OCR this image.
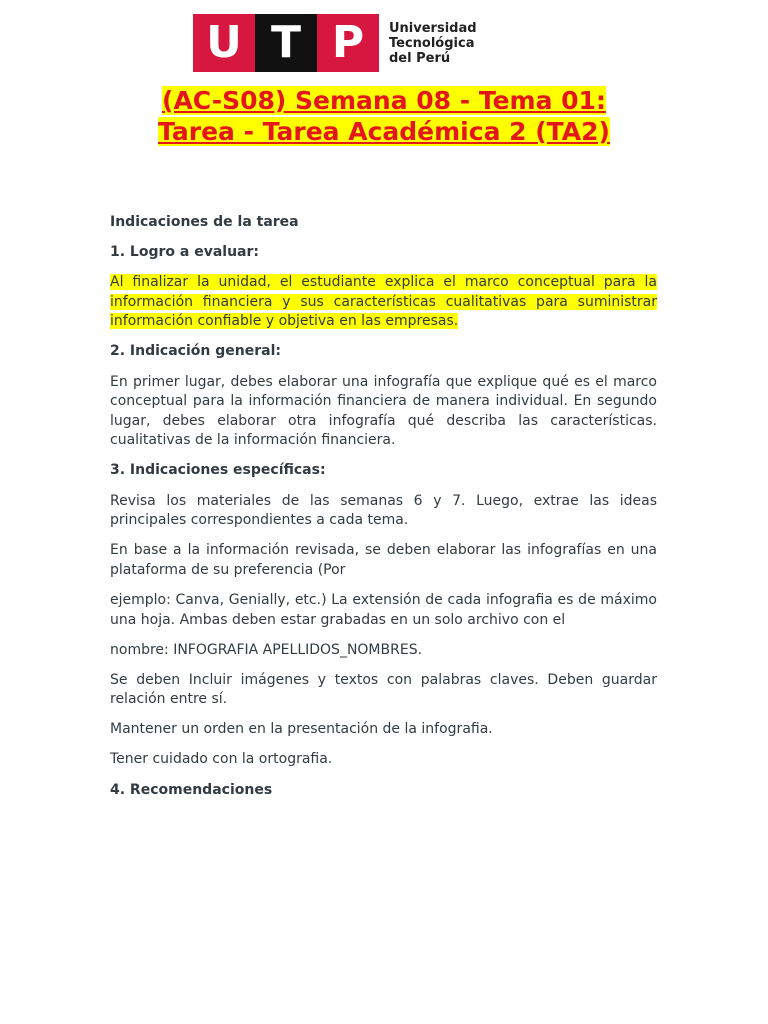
U T P	Universidad
Tecnológica
del Perú
(AC-S08) Semana 08 - Tema 01:
Tarea - Tarea Académica 2 (TA2)

Indicaciones de la tarea

1. Logro a evaluar:

Al finalizar la unidad, el estudiante explica el marco conceptual para la información financiera y sus características cualitativas para suministrar información confiable y objetiva en las empresas.

2. Indicación general:

En primer lugar, debes elaborar una infografía que explique qué es el marco conceptual para la información financiera de manera individual. En segundo lugar, debes elaborar otra infografía qué describa las características. cualitativas de la información financiera.

3. Indicaciones específicas:

Revisa los materiales de las semanas 6 y 7. Luego, extrae las ideas principales correspondientes a cada tema.

En base a la información revisada, se deben elaborar las infografías en una plataforma de su preferencia (Por

ejemplo: Canva, Genially, etc.) La extensión de cada infografia es de máximo una hoja. Ambas deben estar grabadas en un solo archivo con el

nombre: INFOGRAFIA APELLIDOS_NOMBRES.

Se deben Incluir imágenes y textos con palabras claves. Deben guardar relación entre sí.

Mantener un orden en la presentación de la infografia.

Tener cuidado con la ortografia.

4. Recomendaciones
